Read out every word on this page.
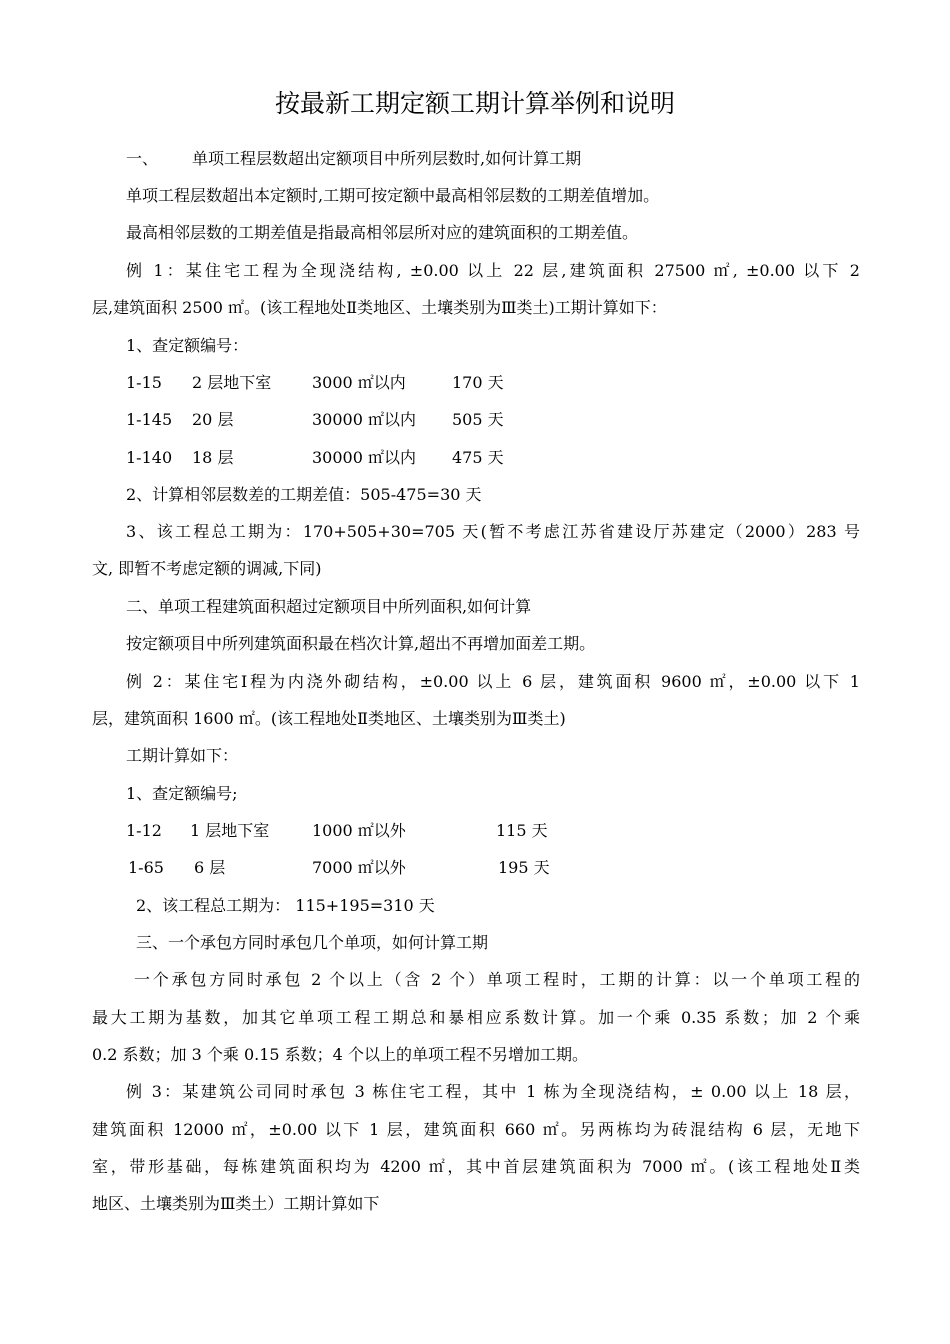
按最新工期定额工期计算举例和说明
一、 单项工程层数超出定额项目中所列层数时,如何计算工期
单项工程层数超出本定额时,工期可按定额中最高相邻层数的工期差值增加。
最高相邻层数的工期差值是指最高相邻层所对应的建筑面积的工期差值。
例 1：某住宅工程为全现浇结构, ±0.00 以上 22 层,建筑面积 27500 ㎡, ±0.00 以下 2
层,建筑面积 2500 ㎡。(该工程地处Ⅱ类地区、土壤类别为Ⅲ类土)工期计算如下：
1、查定额编号：
1-15 2 层地下室	3000 ㎡以内	170 天
1-145 20 层	30000 ㎡以内 505 天
1-140 18 层	30000 ㎡以内 475 天
2、计算相邻层数差的工期差值：505-475=30 天
3、该工程总工期为：170+505+30=705 天(暂不考虑江苏省建设厅苏建定（2000）283 号
文, 即暂不考虑定额的调减,下同)
二、单项工程建筑面积超过定额项目中所列面积,如何计算
按定额项目中所列建筑面积最在档次计算,超出不再增加面差工期。
例 2：某住宅Ⅰ程为内浇外砌结构，±0.00 以上 6 层，建筑面积 9600 ㎡，±0.00 以下 1
层，建筑面积 1600 ㎡。(该工程地处Ⅱ类地区、土壤类别为Ⅲ类土)
工期计算如下：
1、查定额编号;
1-12 1 层地下室	1000 ㎡以外	115 天
1-65 6 层	7000 ㎡以外	195 天
2、该工程总工期为： 115+195=310 天
三、一个承包方同时承包几个单项，如何计算工期
一个承包方同时承包 2 个以上（含 2 个）单项工程时，工期的计算：以一个单项工程的
最大工期为基数，加其它单项工程工期总和暴相应系数计算。加一个乘 0.35 系数；加 2 个乘
0.2 系数；加 3 个乘 0.15 系数；4 个以上的单项工程不另增加工期。
例 3：某建筑公司同时承包 3 栋住宅工程，其中 1 栋为全现浇结构，± 0.00 以上 18 层，
建筑面积 12000 ㎡，±0.00 以下 1 层，建筑面积 660 ㎡。另两栋均为砖混结构 6 层，无地下
室，带形基础，每栋建筑面积均为 4200 ㎡，其中首层建筑面积为 7000 ㎡。(该工程地处Ⅱ类
地区、土壤类别为Ⅲ类土）工期计算如下
